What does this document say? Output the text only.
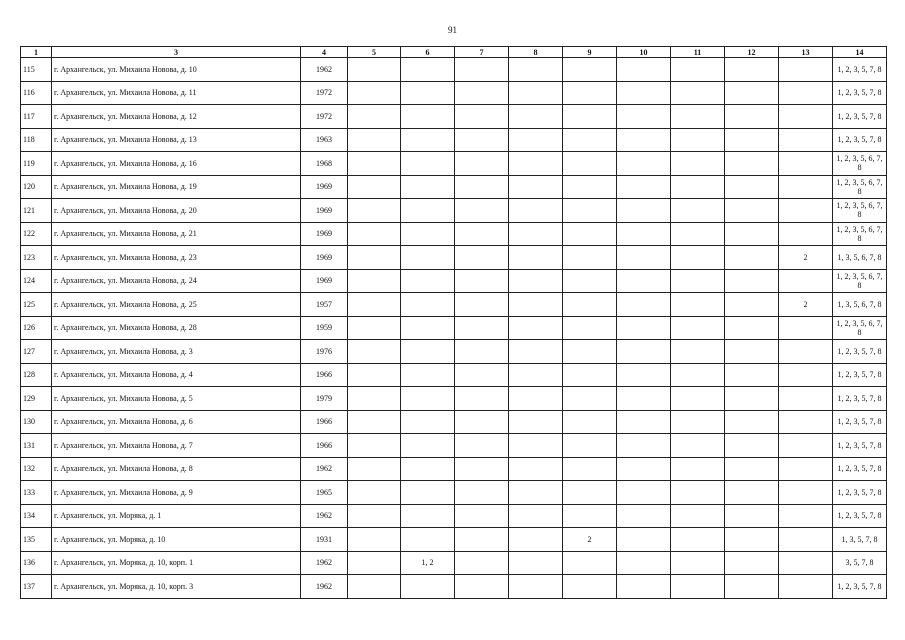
91
1	3	4	5	6	7	8	9	10	11	12	13	14
115	г. Архангельск, ул. Михаила Новова, д. 10	1962										1, 2, 3, 5, 7, 8
116	г. Архангельск, ул. Михаила Новова, д. 11	1972										1, 2, 3, 5, 7, 8
117	г. Архангельск, ул. Михаила Новова, д. 12	1972										1, 2, 3, 5, 7, 8
118	г. Архангельск, ул. Михаила Новова, д. 13	1963										1, 2, 3, 5, 7, 8
119	г. Архангельск, ул. Михаила Новова, д. 16	1968										1, 2, 3, 5, 6, 7, 8
120	г. Архангельск, ул. Михаила Новова, д. 19	1969										1, 2, 3, 5, 6, 7, 8
121	г. Архангельск, ул. Михаила Новова, д. 20	1969										1, 2, 3, 5, 6, 7, 8
122	г. Архангельск, ул. Михаила Новова, д. 21	1969										1, 2, 3, 5, 6, 7, 8
123	г. Архангельск, ул. Михаила Новова, д. 23	1969									2	1, 3, 5, 6, 7, 8
124	г. Архангельск, ул. Михаила Новова, д. 24	1969										1, 2, 3, 5, 6, 7, 8
125	г. Архангельск, ул. Михаила Новова, д. 25	1957									2	1, 3, 5, 6, 7, 8
126	г. Архангельск, ул. Михаила Новова, д. 28	1959										1, 2, 3, 5, 6, 7, 8
127	г. Архангельск, ул. Михаила Новова, д. 3	1976										1, 2, 3, 5, 7, 8
128	г. Архангельск, ул. Михаила Новова, д. 4	1966										1, 2, 3, 5, 7, 8
129	г. Архангельск, ул. Михаила Новова, д. 5	1979										1, 2, 3, 5, 7, 8
130	г. Архангельск, ул. Михаила Новова, д. 6	1966										1, 2, 3, 5, 7, 8
131	г. Архангельск, ул. Михаила Новова, д. 7	1966										1, 2, 3, 5, 7, 8
132	г. Архангельск, ул. Михаила Новова, д. 8	1962										1, 2, 3, 5, 7, 8
133	г. Архангельск, ул. Михаила Новова, д. 9	1965										1, 2, 3, 5, 7, 8
134	г. Архангельск, ул. Моряка, д. 1	1962										1, 2, 3, 5, 7, 8
135	г. Архангельск, ул. Моряка, д. 10	1931					2					1, 3, 5, 7, 8
136	г. Архангельск, ул. Моряка, д. 10, корп. 1	1962		1, 2								3, 5, 7, 8
137	г. Архангельск, ул. Моряка, д. 10, корп. 3	1962										1, 2, 3, 5, 7, 8
